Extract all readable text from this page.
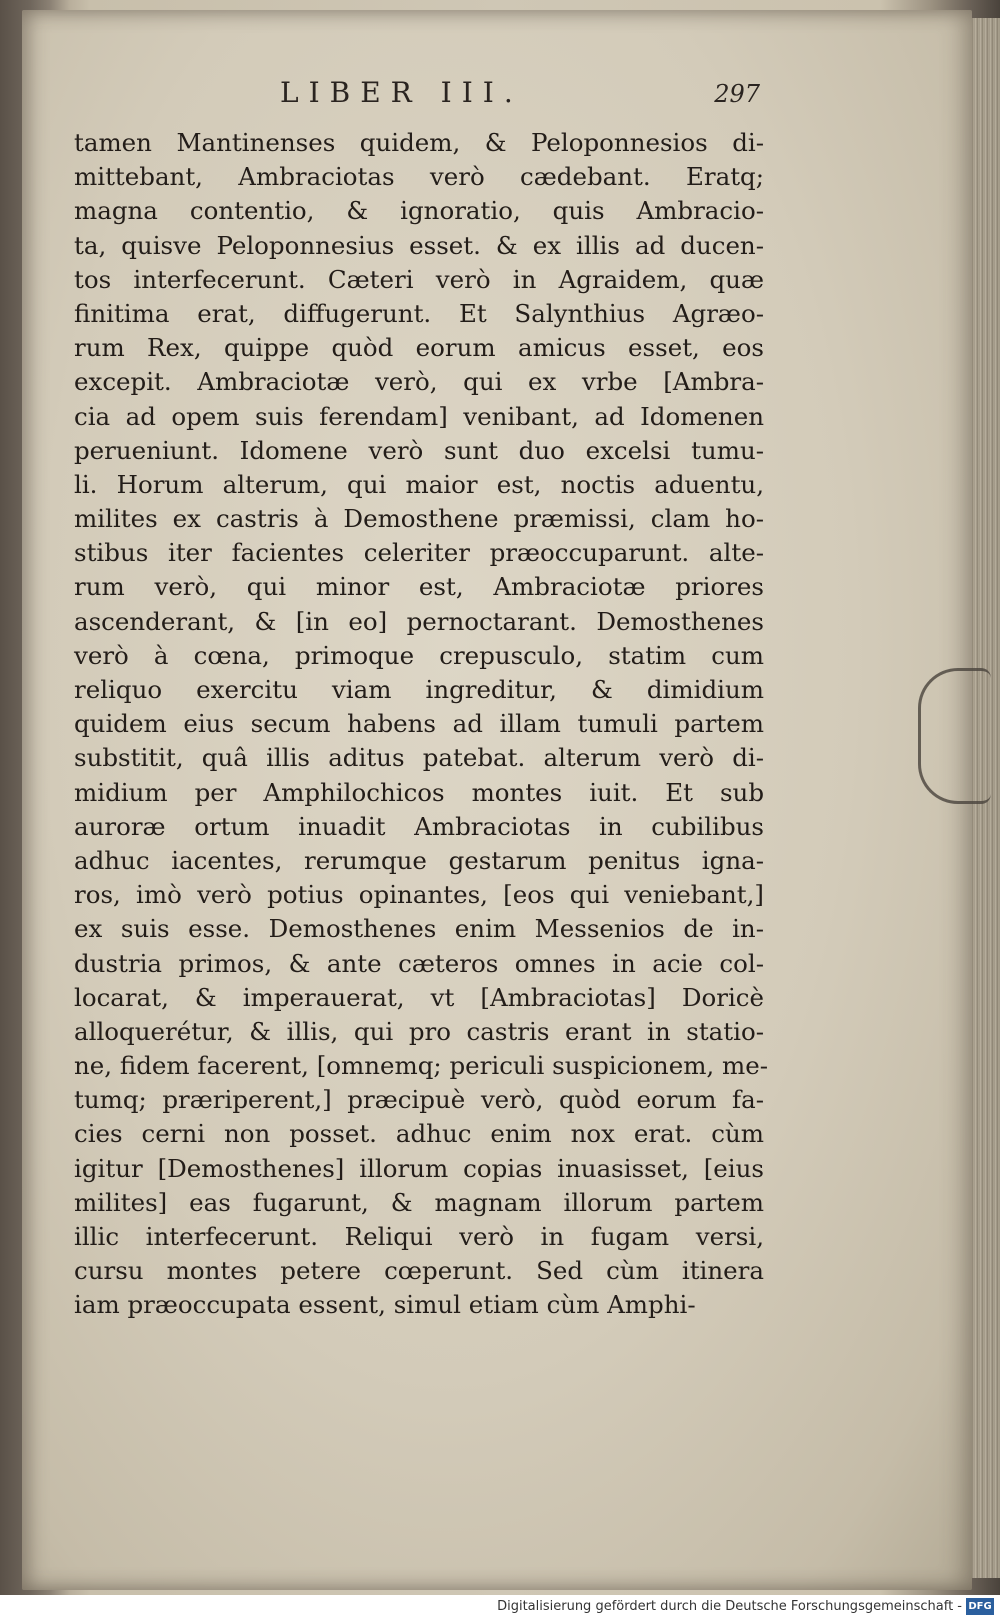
LIBER III.	297
tamen Mantinenses quidem, & Peloponnesios di-
mittebant, Ambraciotas verò cædebant. Eratq;
magna contentio, & ignoratio, quis Ambracio-
ta, quisve Peloponnesius esset. & ex illis ad ducen-
tos interfecerunt. Cæteri verò in Agraidem, quæ
finitima erat, diffugerunt. Et Salynthius Agræo-
rum Rex, quippe quòd eorum amicus esset, eos
excepit. Ambraciotæ verò, qui ex vrbe [Ambra-
cia ad opem suis ferendam] venibant, ad Idomenen
perueniunt. Idomene verò sunt duo excelsi tumu-
li. Horum alterum, qui maior est, noctis aduentu,
milites ex castris à Demosthene præmissi, clam ho-
stibus iter facientes celeriter præoccuparunt. alte-
rum verò, qui minor est, Ambraciotæ priores
ascenderant, & [in eo] pernoctarant. Demosthenes
verò à cœna, primoque crepusculo, statim cum
reliquo exercitu viam ingreditur, & dimidium
quidem eius secum habens ad illam tumuli partem
substitit, quâ illis aditus patebat. alterum verò di-
midium per Amphilochicos montes iuit. Et sub
auroræ ortum inuadit Ambraciotas in cubilibus
adhuc iacentes, rerumque gestarum penitus igna-
ros, imò verò potius opinantes, [eos qui veniebant,]
ex suis esse. Demosthenes enim Messenios de in-
dustria primos, & ante cæteros omnes in acie col-
locarat, & imperauerat, vt [Ambraciotas] Doricè
alloquerétur, & illis, qui pro castris erant in statio-
ne, fidem facerent, [omnemq; periculi suspicionem, me-
tumq; præriperent,] præcipuè verò, quòd eorum fa-
cies cerni non posset. adhuc enim nox erat. cùm
igitur [Demosthenes] illorum copias inuasisset, [eius
milites] eas fugarunt, & magnam illorum partem
illic interfecerunt. Reliqui verò in fugam versi,
cursu montes petere cœperunt. Sed cùm itinera
iam præoccupata essent, simul etiam cùm Amphi-
Digitalisierung gefördert durch die Deutsche Forschungsgemeinschaft - DFG
